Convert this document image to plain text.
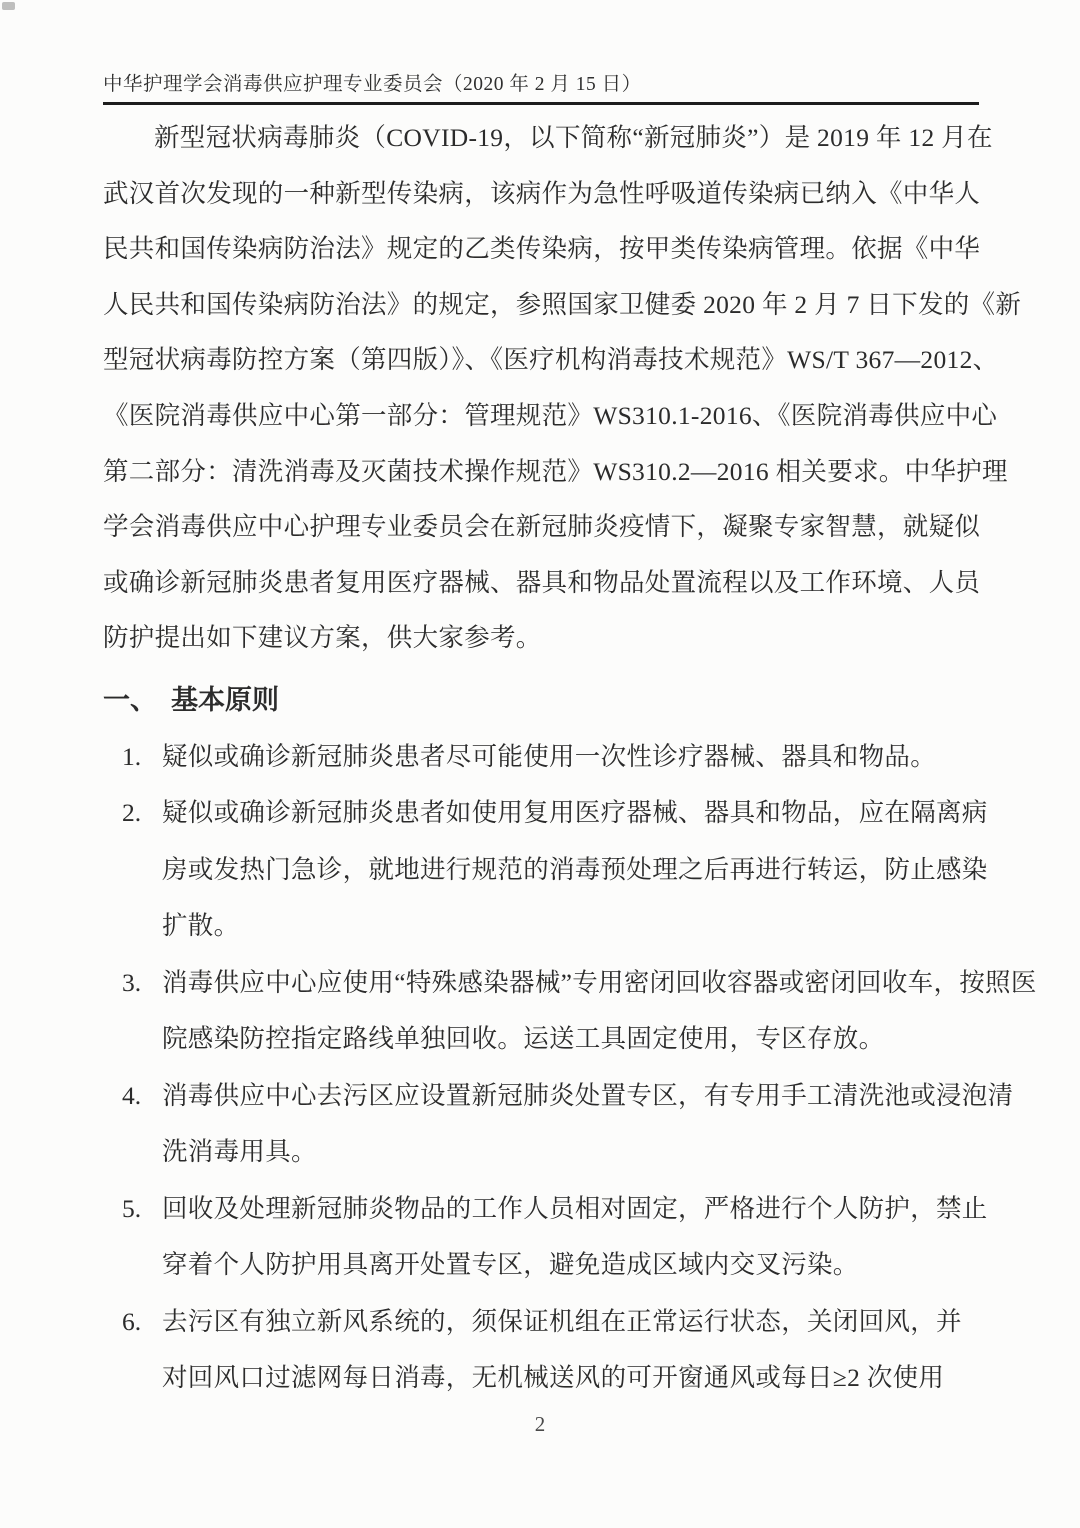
中华护理学会消毒供应护理专业委员会（2020 年 2 月 15 日）
新型冠状病毒肺炎（COVID-19，以下简称“新冠肺炎”）是 2019 年 12 月在
武汉首次发现的一种新型传染病，该病作为急性呼吸道传染病已纳入《中华人
民共和国传染病防治法》规定的乙类传染病，按甲类传染病管理。依据《中华
人民共和国传染病防治法》的规定，参照国家卫健委 2020 年 2 月 7 日下发的《新
型冠状病毒防控方案（第四版）》、《医疗机构消毒技术规范》WS/T 367—2012、
《医院消毒供应中心第一部分：管理规范》WS310.1-2016、《医院消毒供应中心
第二部分：清洗消毒及灭菌技术操作规范》WS310.2—2016 相关要求。中华护理
学会消毒供应中心护理专业委员会在新冠肺炎疫情下，凝聚专家智慧，就疑似
或确诊新冠肺炎患者复用医疗器械、器具和物品处置流程以及工作环境、人员
防护提出如下建议方案，供大家参考。
一、 基本原则
1. 疑似或确诊新冠肺炎患者尽可能使用一次性诊疗器械、器具和物品。
2. 疑似或确诊新冠肺炎患者如使用复用医疗器械、器具和物品，应在隔离病
房或发热门急诊，就地进行规范的消毒预处理之后再进行转运，防止感染
扩散。
3. 消毒供应中心应使用“特殊感染器械”专用密闭回收容器或密闭回收车，按照医
院感染防控指定路线单独回收。运送工具固定使用，专区存放。
4. 消毒供应中心去污区应设置新冠肺炎处置专区，有专用手工清洗池或浸泡清
洗消毒用具。
5. 回收及处理新冠肺炎物品的工作人员相对固定，严格进行个人防护，禁止
穿着个人防护用具离开处置专区，避免造成区域内交叉污染。
6. 去污区有独立新风系统的，须保证机组在正常运行状态，关闭回风，并
对回风口过滤网每日消毒，无机械送风的可开窗通风或每日≥2 次使用
2
